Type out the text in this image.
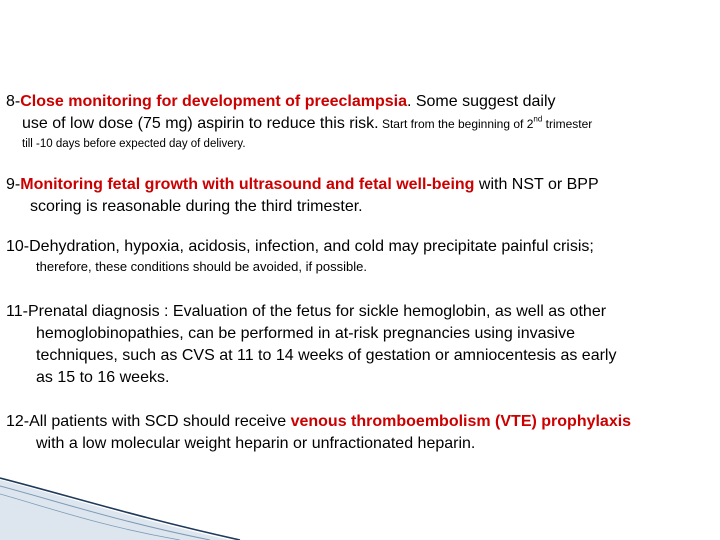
8-Close monitoring for development of preeclampsia. Some suggest daily
use of low dose (75 mg) aspirin to reduce this risk. Start from the beginning of 2nd trimester
till -10 days before expected day of delivery.
9-Monitoring fetal growth with ultrasound and fetal well-being with NST or BPP
scoring is reasonable during the third trimester.
10-Dehydration, hypoxia, acidosis, infection, and cold may precipitate painful crisis;
therefore, these conditions should be avoided, if possible.
11-Prenatal diagnosis : Evaluation of the fetus for sickle hemoglobin, as well as other
hemoglobinopathies, can be performed in at-risk pregnancies using invasive
techniques, such as CVS at 11 to 14 weeks of gestation or amniocentesis as early
as 15 to 16 weeks.
12-All patients with SCD should receive venous thromboembolism (VTE) prophylaxis
with a low molecular weight heparin or unfractionated heparin.
